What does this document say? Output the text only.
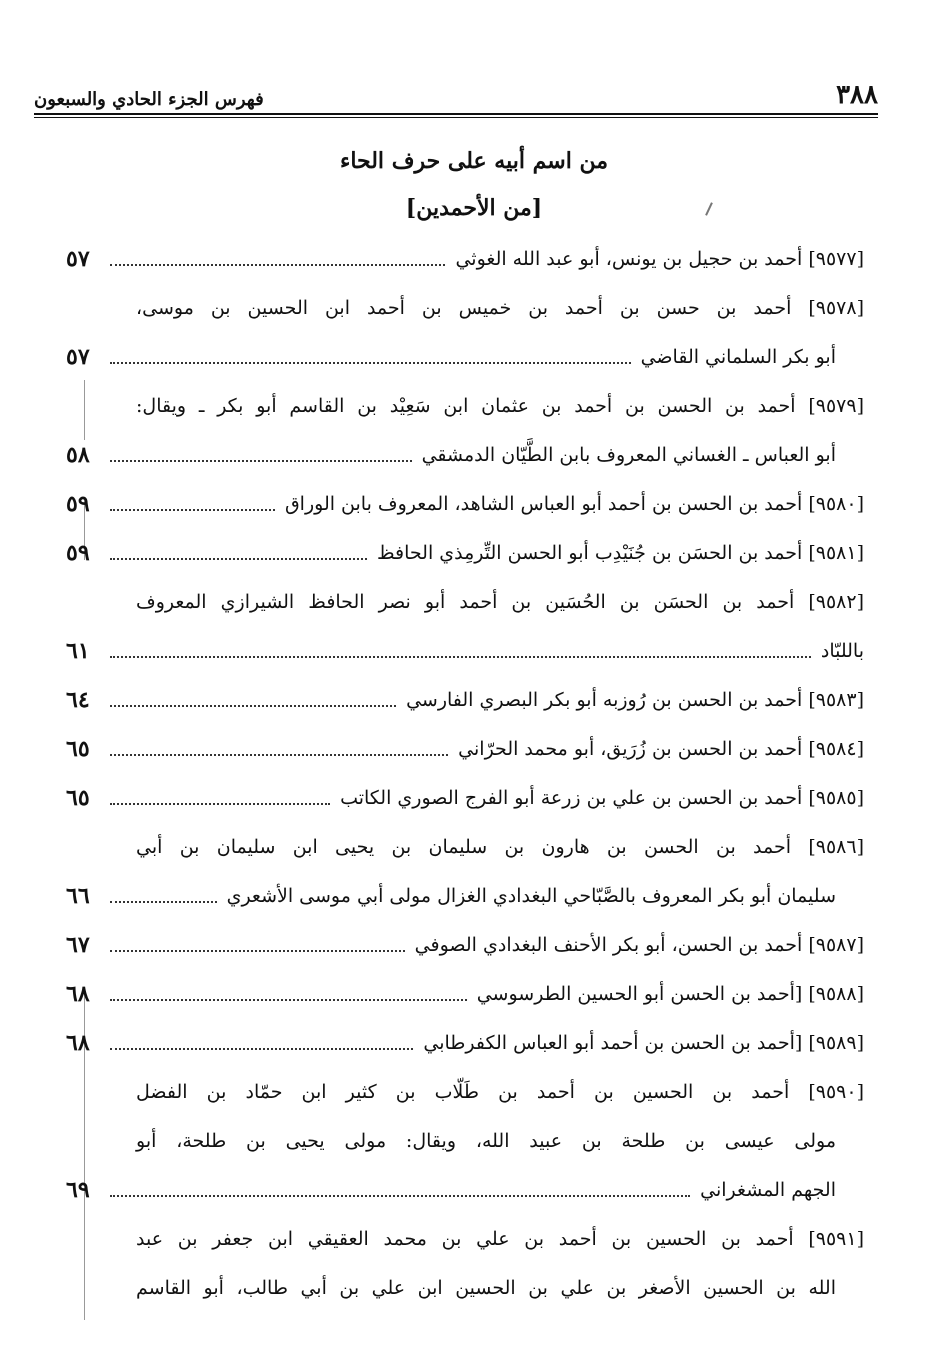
٣٨٨
فهرس الجزء الحادي والسبعون
من اسم أبيه على حرف الحاء
[من الأحمدين]
[٩٥٧٧] أحمد بن حجيل بن يونس، أبو عبد الله الغوثي
٥٧
[٩٥٧٨] أحمد بن حسن بن أحمد بن خميس بن أحمد ابن الحسين بن موسى،
أبو بكر السلماني القاضي
٥٧
[٩٥٧٩] أحمد بن الحسن بن أحمد بن عثمان ابن سَعِيْد بن القاسم أبو بكر ـ ويقال:
أبو العباس ـ الغساني المعروف بابن الطَّيّان الدمشقي
٥٨
[٩٥٨٠] أحمد بن الحسن بن أحمد أبو العباس الشاهد، المعروف بابن الوراق
٥٩
[٩٥٨١] أحمد بن الحسَن بن جُنَيْدِب أبو الحسن التِّرمِذي الحافظ
٥٩
[٩٥٨٢] أحمد بن الحسَن بن الحُسَين بن أحمد أبو نصر الحافظ الشيرازي المعروف
باللبّاد
٦١
[٩٥٨٣] أحمد بن الحسن بن رُوزبه أبو بكر البصري الفارسي
٦٤
[٩٥٨٤] أحمد بن الحسن بن زُرَيق، أبو محمد الحرّاني
٦٥
[٩٥٨٥] أحمد بن الحسن بن علي بن زرعة أبو الفرج الصوري الكاتب
٦٥
[٩٥٨٦] أحمد بن الحسن بن هارون بن سليمان بن يحيى ابن سليمان بن أبي
سليمان أبو بكر المعروف بالصَّبّاحي البغدادي الغزال مولى أبي موسى الأشعري
٦٦
[٩٥٨٧] أحمد بن الحسن، أبو بكر الأحنف البغدادي الصوفي
٦٧
[٩٥٨٨] [أحمد بن الحسن أبو الحسين الطرسوسي
٦٨
[٩٥٨٩] [أحمد بن الحسن بن أحمد أبو العباس الكفرطابي
٦٨
[٩٥٩٠] أحمد بن الحسين بن أحمد بن طَلّاب بن كثير ابن حمّاد بن الفضل
مولى عيسى بن طلحة بن عبيد الله، ويقال: مولى يحيى بن طلحة، أبو
الجهم المشغراني
٦٩
[٩٥٩١] أحمد بن الحسين بن أحمد بن علي بن محمد العقيقي ابن جعفر بن عبد
الله بن الحسين الأصغر بن علي بن الحسين ابن علي بن أبي طالب، أبو القاسم
